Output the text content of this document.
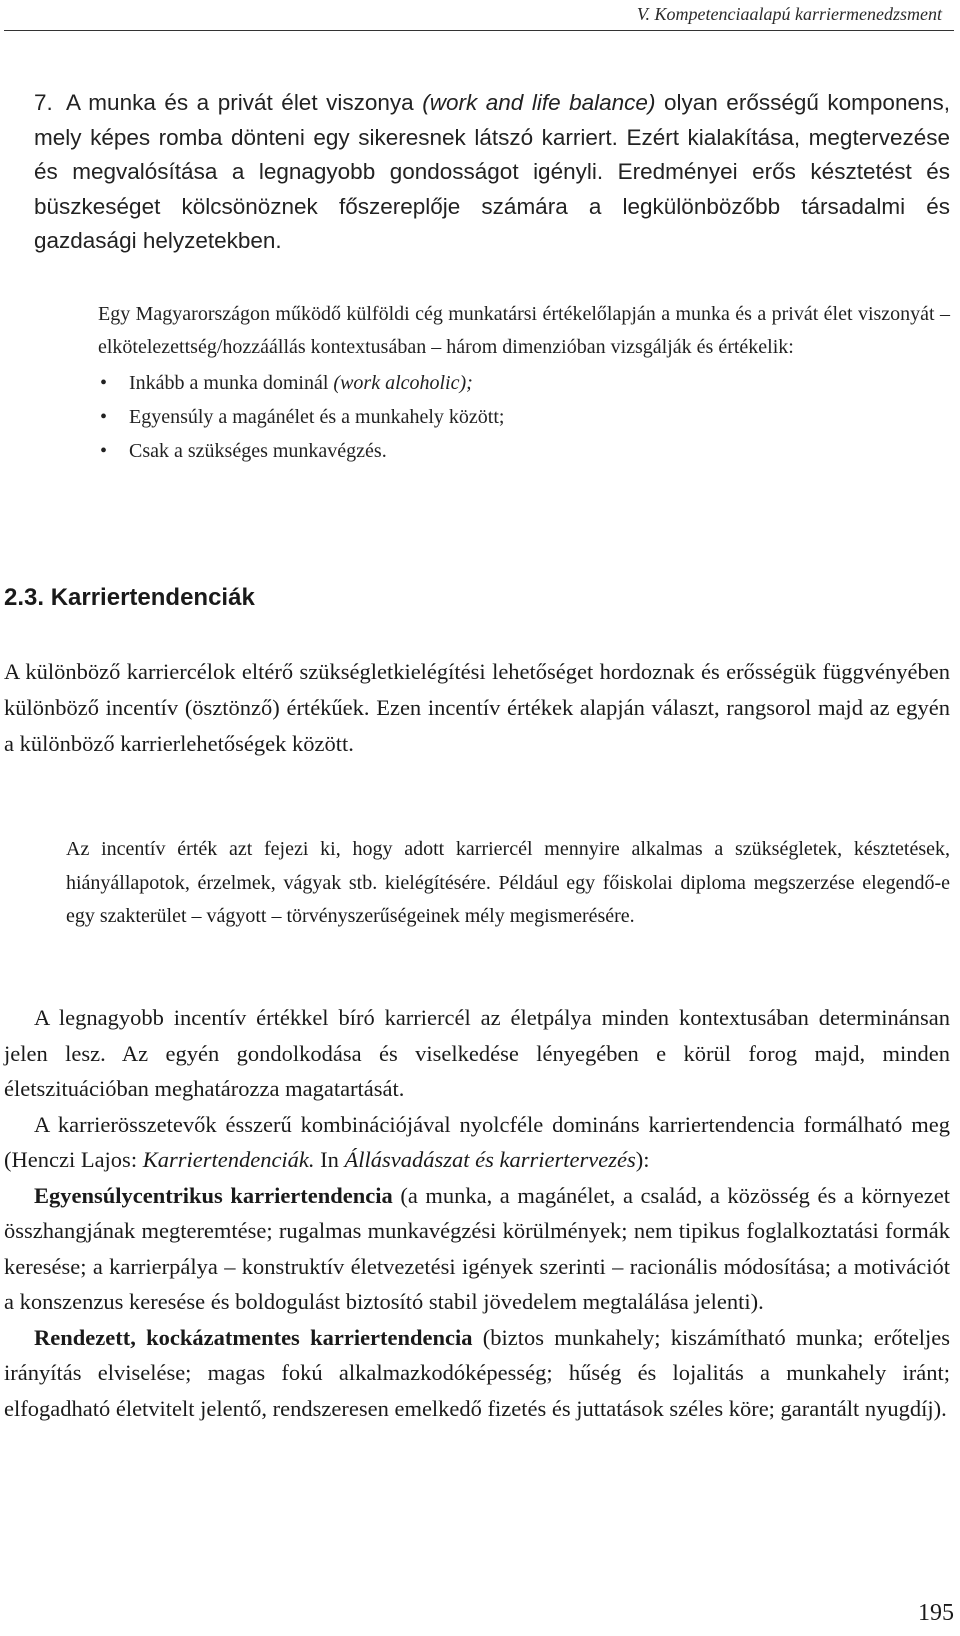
V. Kompetenciaalapú karriermenedzsment
7. A munka és a privát élet viszonya (work and life balance) olyan erősségű komponens, mely képes romba dönteni egy sikeresnek látszó karriert. Ezért kialakítása, megtervezése és megvalósítása a legnagyobb gondosságot igényli. Eredményei erős késztetést és büszkeséget kölcsönöznek főszereplője számára a legkülönbözőbb társadalmi és gazdasági helyzetekben.
Egy Magyarországon működő külföldi cég munkatársi értékelőlapján a munka és a privát élet viszonyát – elkötelezettség/hozzáállás kontextusában – három dimenzióban vizsgálják és értékelik:
• Inkább a munka dominál (work alcoholic);
• Egyensúly a magánélet és a munkahely között;
• Csak a szükséges munkavégzés.
2.3. Karriertendenciák
A különböző karriercélok eltérő szükségletkielégítési lehetőséget hordoznak és erősségük függvényében különböző incentív (ösztönző) értékűek. Ezen incentív értékek alapján választ, rangsorol majd az egyén a különböző karrierlehetőségek között.
Az incentív érték azt fejezi ki, hogy adott karriercél mennyire alkalmas a szükségletek, késztetések, hiányállapotok, érzelmek, vágyak stb. kielégítésére. Például egy főiskolai diploma megszerzése elegendő-e egy szakterület – vágyott – törvényszerűségeinek mély megismerésére.

A legnagyobb incentív értékkel bíró karriercél az életpálya minden kontextusában determinánsan jelen lesz. Az egyén gondolkodása és viselkedése lényegében e körül forog majd, minden életszituációban meghatározza magatartását.

A karrierösszetevők ésszerű kombinációjával nyolcféle domináns karriertendencia formálható meg (Henczi Lajos: Karriertendenciák. In Állásvadászat és karriertervezés):

Egyensúlycentrikus karriertendencia (a munka, a magánélet, a család, a közösség és a környezet összhangjának megteremtése; rugalmas munkavégzési körülmények; nem tipikus foglalkoztatási formák keresése; a karrierpálya – konstruktív életvezetési igények szerinti – racionális módosítása; a motivációt a konszenzus keresése és boldogulást biztosító stabil jövedelem megtalálása jelenti).

Rendezett, kockázatmentes karriertendencia (biztos munkahely; kiszámítható munka; erőteljes irányítás elviselése; magas fokú alkalmazkodóképesség; hűség és lojalitás a munkahely iránt; elfogadható életvitelt jelentő, rendszeresen emelkedő fizetés és juttatások széles köre; garantált nyugdíj).

195
